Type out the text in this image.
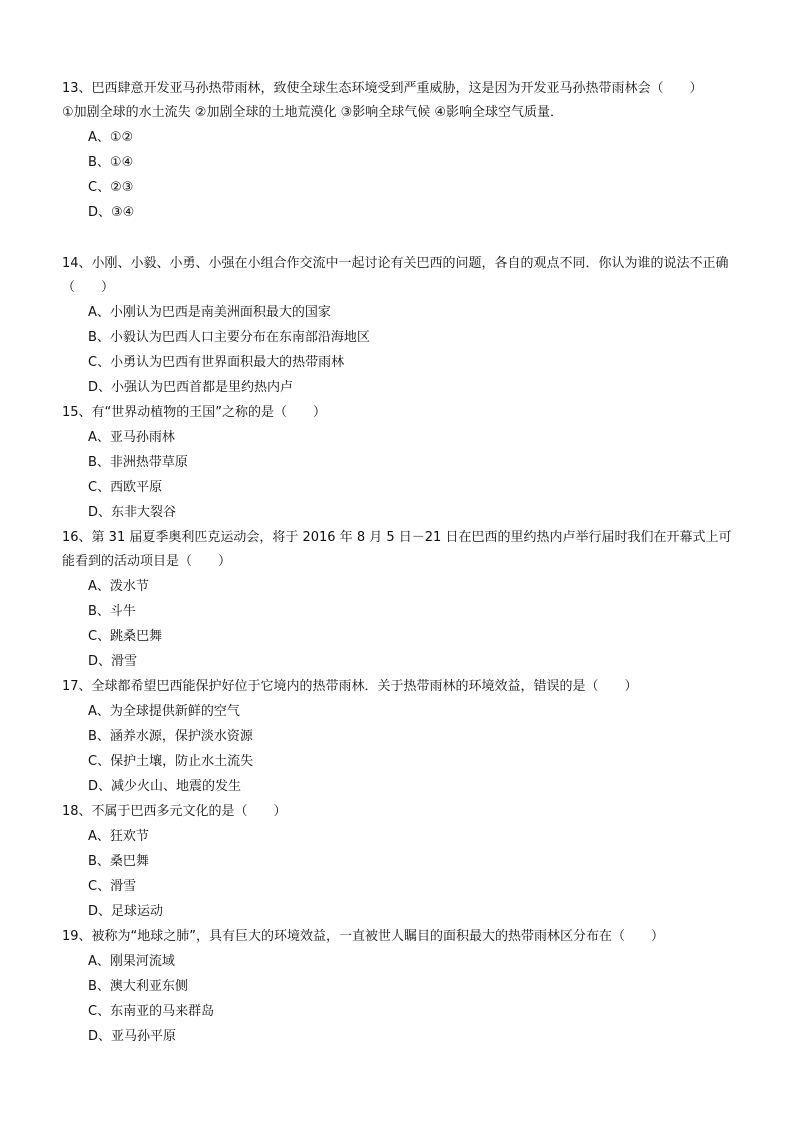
13、巴西肆意开发亚马孙热带雨林，致使全球生态环境受到严重威胁，这是因为开发亚马孙热带雨林会（　　）

①加剧全球的水土流失 ②加剧全球的土地荒漠化 ③影响全球气候 ④影响全球空气质量．

A、①②
B、①④
C、②③
D、③④

14、小刚、小毅、小勇、小强在小组合作交流中一起讨论有关巴西的问题，各自的观点不同．你认为谁的说法不正确（　　）

A、小刚认为巴西是南美洲面积最大的国家
B、小毅认为巴西人口主要分布在东南部沿海地区
C、小勇认为巴西有世界面积最大的热带雨林
D、小强认为巴西首都是里约热内卢

15、有“世界动植物的王国”之称的是（　　）

A、亚马孙雨林
B、非洲热带草原
C、西欧平原
D、东非大裂谷

16、第 31 届夏季奥利匹克运动会，将于 2016 年 8 月 5 日－21 日在巴西的里约热内卢举行届时我们在开幕式上可能看到的活动项目是（　　）

A、泼水节
B、斗牛
C、跳桑巴舞
D、滑雪

17、全球都希望巴西能保护好位于它境内的热带雨林．关于热带雨林的环境效益，错误的是（　　）

A、为全球提供新鲜的空气
B、涵养水源，保护淡水资源
C、保护土壤，防止水土流失
D、减少火山、地震的发生

18、不属于巴西多元文化的是（　　）

A、狂欢节
B、桑巴舞
C、滑雪
D、足球运动

19、被称为“地球之肺”，具有巨大的环境效益，一直被世人瞩目的面积最大的热带雨林区分布在（　　）

A、刚果河流域
B、澳大利亚东侧
C、东南亚的马来群岛
D、亚马孙平原
